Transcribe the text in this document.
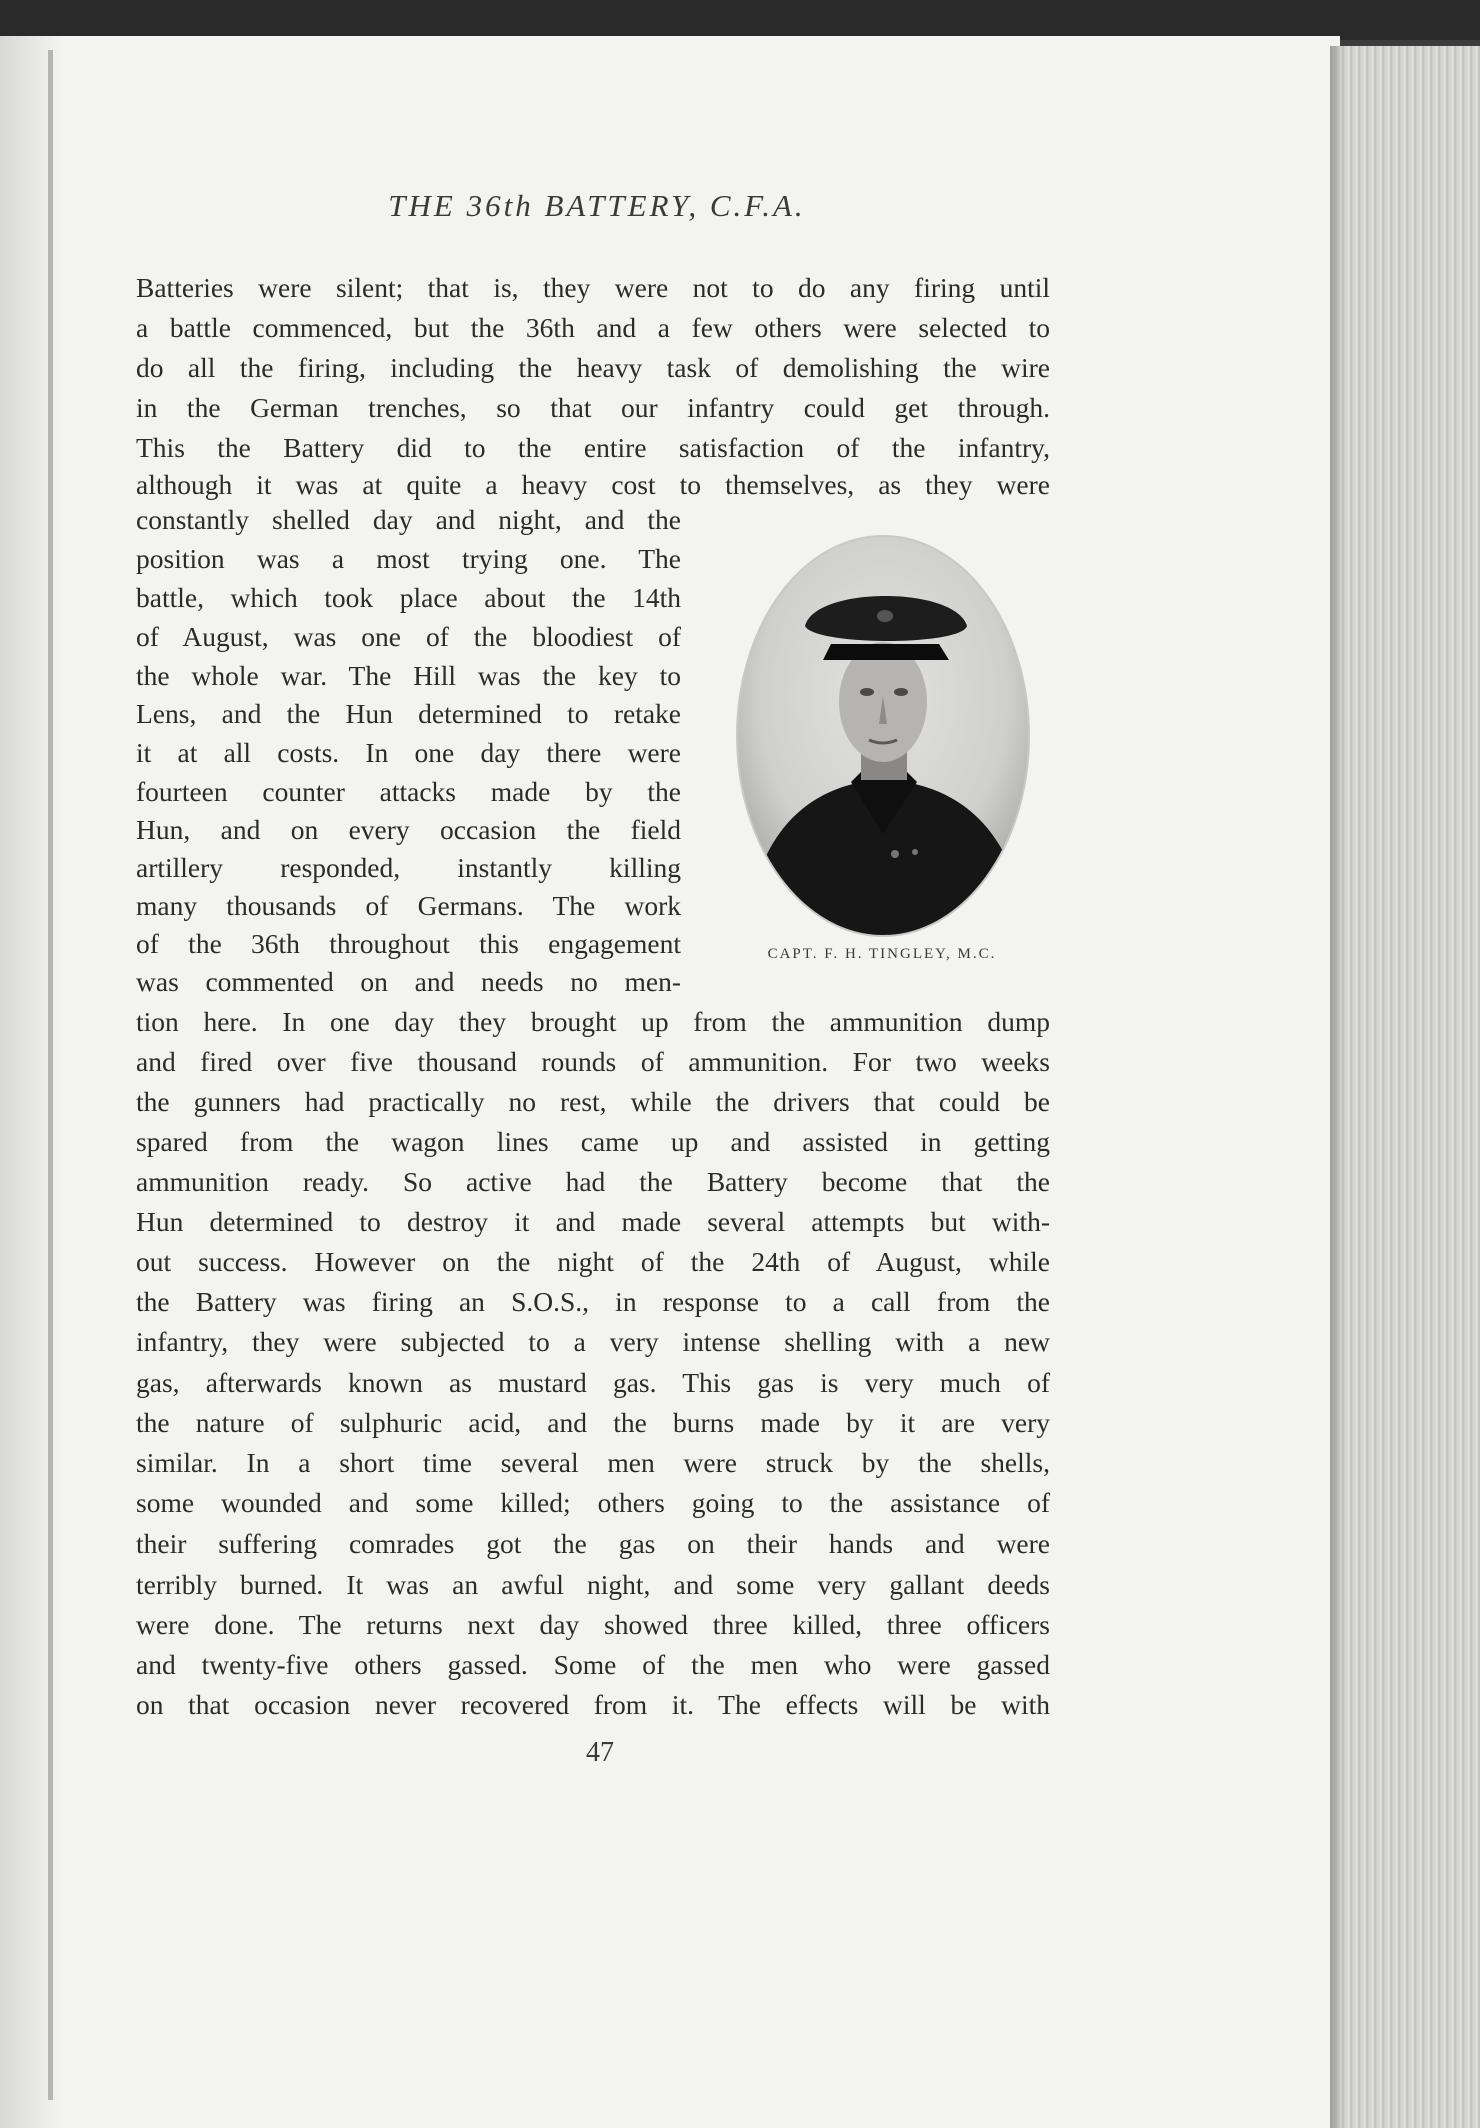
THE 36th BATTERY, C.F.A.

Batteries were silent; that is, they were not to do any firing until

a battle commenced, but the 36th and a few others were selected to

do all the firing, including the heavy task of demolishing the wire

in the German trenches, so that our infantry could get through.

This the Battery did to the entire satisfaction of the infantry,

although it was at quite a heavy cost to themselves, as they were

constantly shelled day and night, and the

position was a most trying one. The

battle, which took place about the 14th

of August, was one of the bloodiest of

the whole war. The Hill was the key to

Lens, and the Hun determined to retake

it at all costs. In one day there were

fourteen counter attacks made by the

Hun, and on every occasion the field

artillery responded, instantly killing

many thousands of Germans. The work

of the 36th throughout this engagement

was commented on and needs no men-

tion here. In one day they brought up from the ammunition dump

and fired over five thousand rounds of ammunition. For two weeks

the gunners had practically no rest, while the drivers that could be

spared from the wagon lines came up and assisted in getting

ammunition ready. So active had the Battery become that the

Hun determined to destroy it and made several attempts but with-

out success. However on the night of the 24th of August, while

the Battery was firing an S.O.S., in response to a call from the

infantry, they were subjected to a very intense shelling with a new

gas, afterwards known as mustard gas. This gas is very much of

the nature of sulphuric acid, and the burns made by it are very

similar. In a short time several men were struck by the shells,

some wounded and some killed; others going to the assistance of

their suffering comrades got the gas on their hands and were

terribly burned. It was an awful night, and some very gallant deeds

were done. The returns next day showed three killed, three officers

and twenty-five others gassed. Some of the men who were gassed

on that occasion never recovered from it. The effects will be with

CAPT. F. H. TINGLEY, M.C.

47
